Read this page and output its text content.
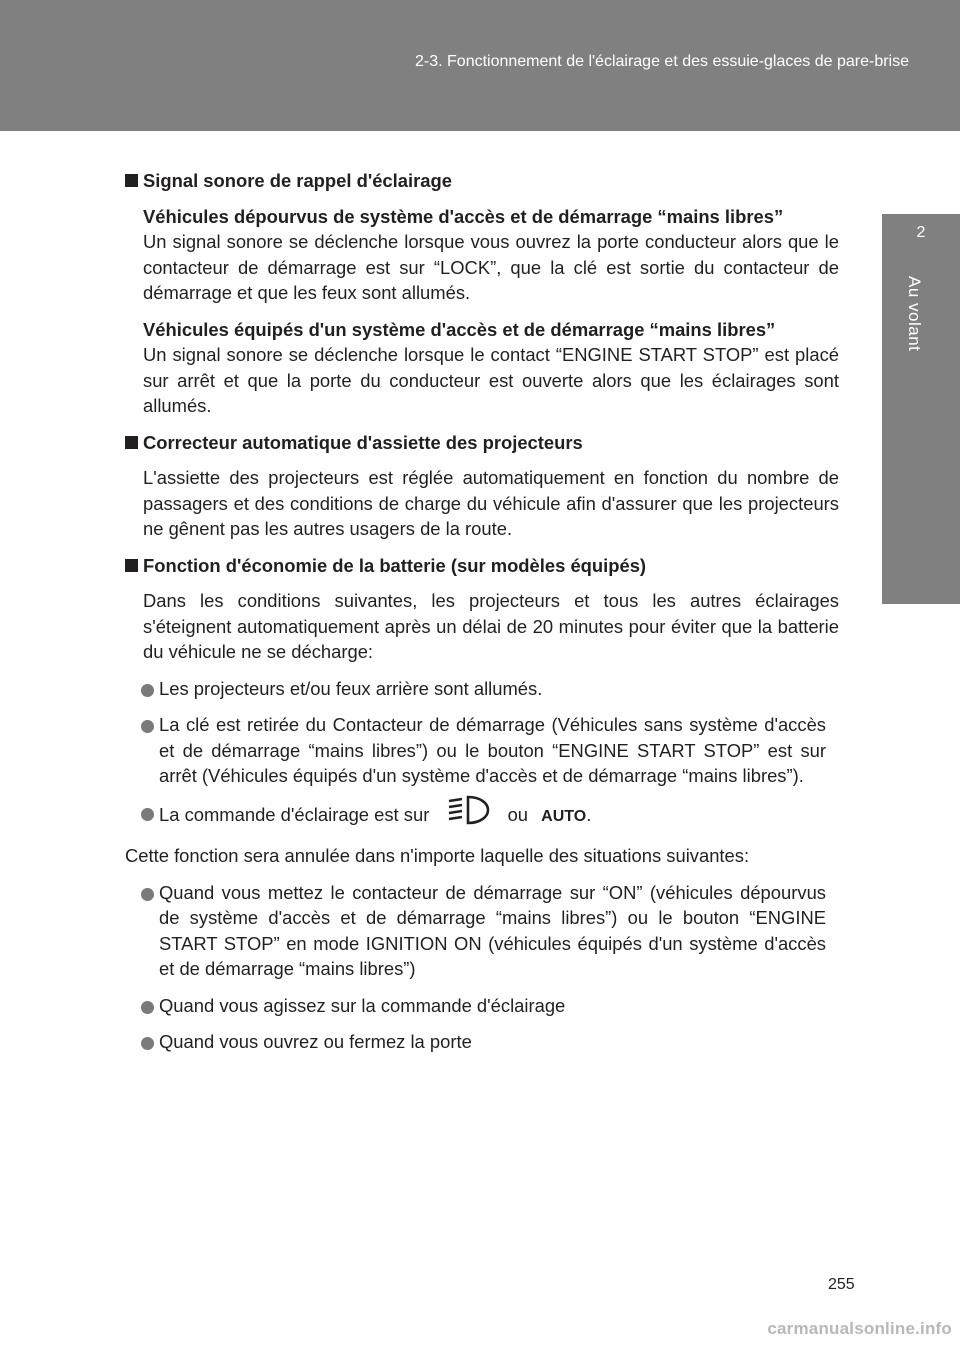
2-3. Fonctionnement de l'éclairage et des essuie-glaces de pare-brise
2
Au volant
Signal sonore de rappel d'éclairage
Véhicules dépourvus de système d'accès et de démarrage “mains libres”
Un signal sonore se déclenche lorsque vous ouvrez la porte conducteur alors que le contacteur de démarrage est sur “LOCK”, que la clé est sortie du contacteur de démarrage et que les feux sont allumés.
Véhicules équipés d'un système d'accès et de démarrage “mains libres”
Un signal sonore se déclenche lorsque le contact “ENGINE START STOP” est placé sur arrêt et que la porte du conducteur est ouverte alors que les éclairages sont allumés.
Correcteur automatique d'assiette des projecteurs
L'assiette des projecteurs est réglée automatiquement en fonction du nombre de passagers et des conditions de charge du véhicule afin d'assurer que les projecteurs ne gênent pas les autres usagers de la route.
Fonction d'économie de la batterie (sur modèles équipés)
Dans les conditions suivantes, les projecteurs et tous les autres éclairages s'éteignent automatiquement après un délai de 20 minutes pour éviter que la batterie du véhicule ne se décharge:
Les projecteurs et/ou feux arrière sont allumés.
La clé est retirée du Contacteur de démarrage (Véhicules sans système d'accès et de démarrage “mains libres”) ou le bouton “ENGINE START STOP” est sur arrêt (Véhicules équipés d'un système d'accès et de démarrage “mains libres”).
La commande d'éclairage est sur	ou AUTO.
Cette fonction sera annulée dans n'importe laquelle des situations suivantes:
Quand vous mettez le contacteur de démarrage sur “ON” (véhicules dépourvus de système d'accès et de démarrage “mains libres”) ou le bouton “ENGINE START STOP” en mode IGNITION ON (véhicules équipés d'un système d'accès et de démarrage “mains libres”)
Quand vous agissez sur la commande d'éclairage
Quand vous ouvrez ou fermez la porte
255
carmanualsonline.info
